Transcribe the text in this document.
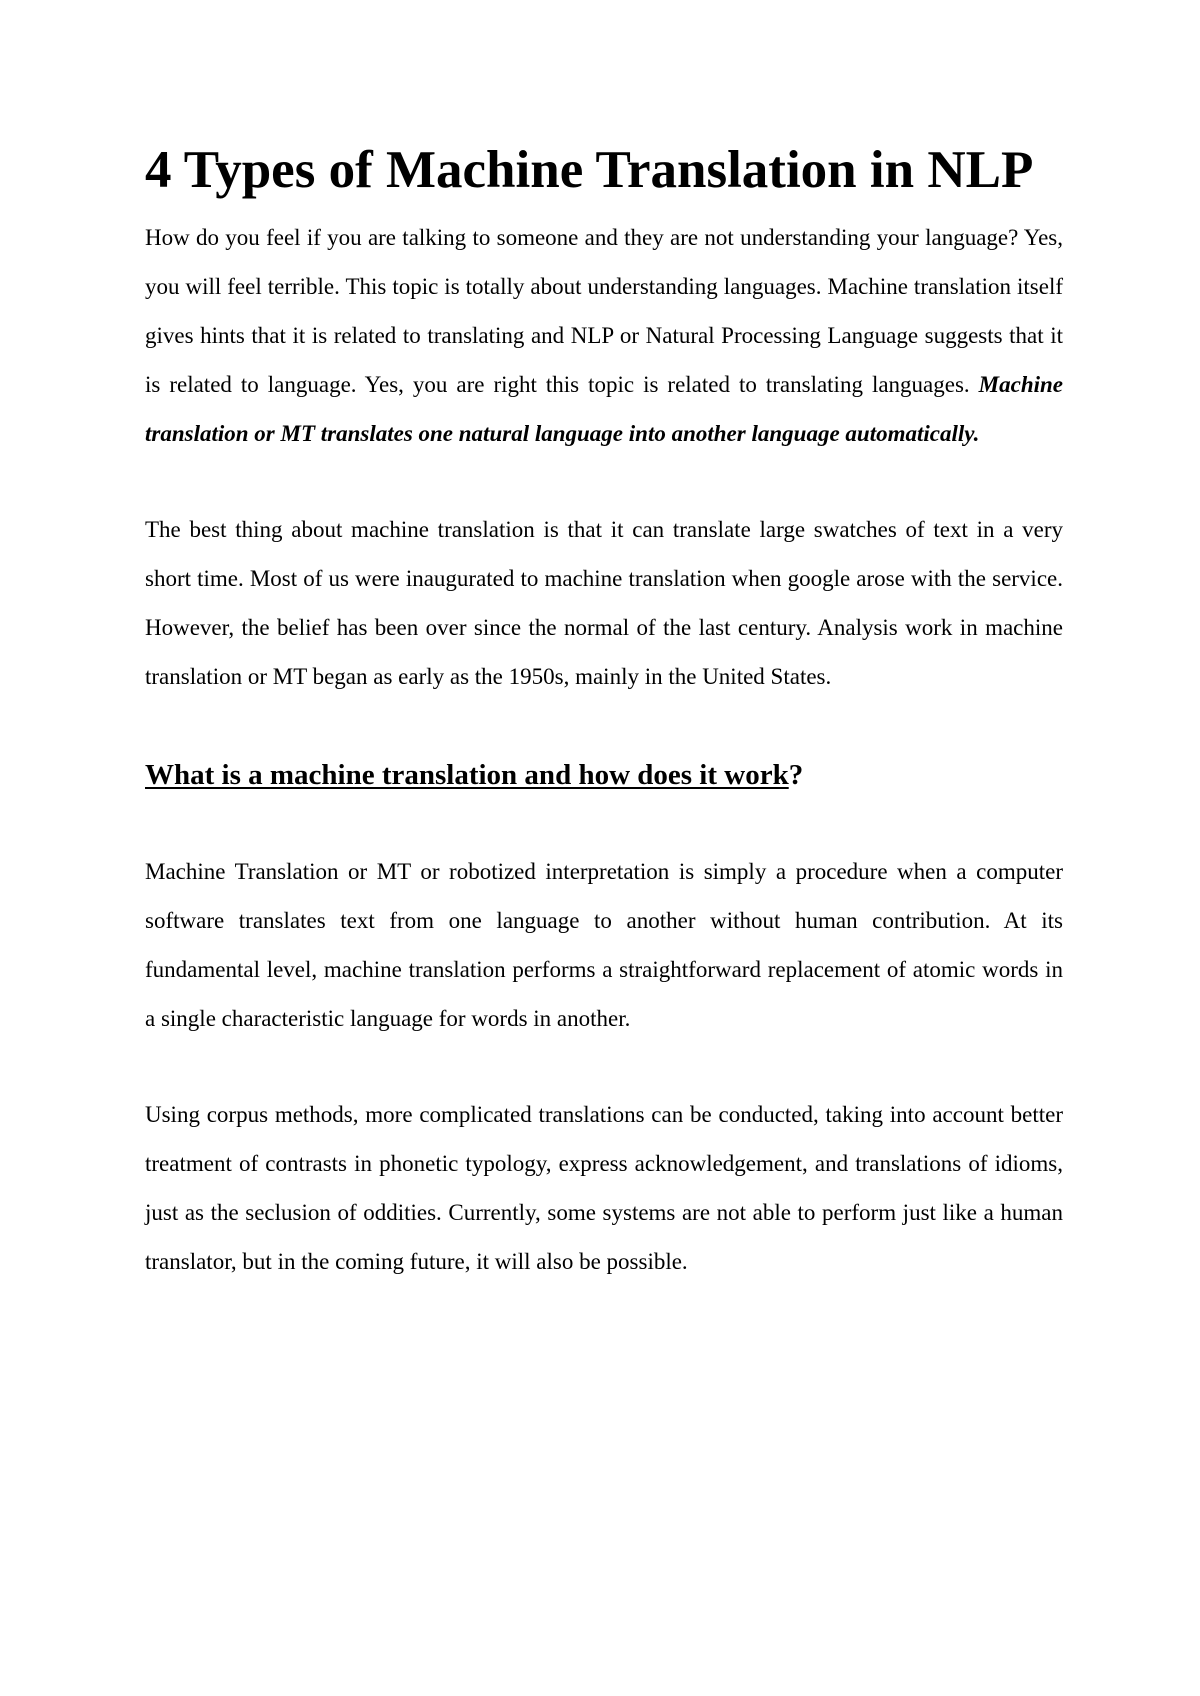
4 Types of Machine Translation in NLP

How do you feel if you are talking to someone and they are not understanding your language? Yes, you will feel terrible. This topic is totally about understanding languages. Machine translation itself gives hints that it is related to translating and NLP or Natural Processing Language suggests that it is related to language. Yes, you are right this topic is related to translating languages. Machine translation or MT translates one natural language into another language automatically.

The best thing about machine translation is that it can translate large swatches of text in a very short time. Most of us were inaugurated to machine translation when google arose with the service. However, the belief has been over since the normal of the last century. Analysis work in machine translation or MT began as early as the 1950s, mainly in the United States.

What is a machine translation and how does it work?

Machine Translation or MT or robotized interpretation is simply a procedure when a computer software translates text from one language to another without human contribution. At its fundamental level, machine translation performs a straightforward replacement of atomic words in a single characteristic language for words in another.

Using corpus methods, more complicated translations can be conducted, taking into account better treatment of contrasts in phonetic typology, express acknowledgement, and translations of idioms, just as the seclusion of oddities. Currently, some systems are not able to perform just like a human translator, but in the coming future, it will also be possible.
